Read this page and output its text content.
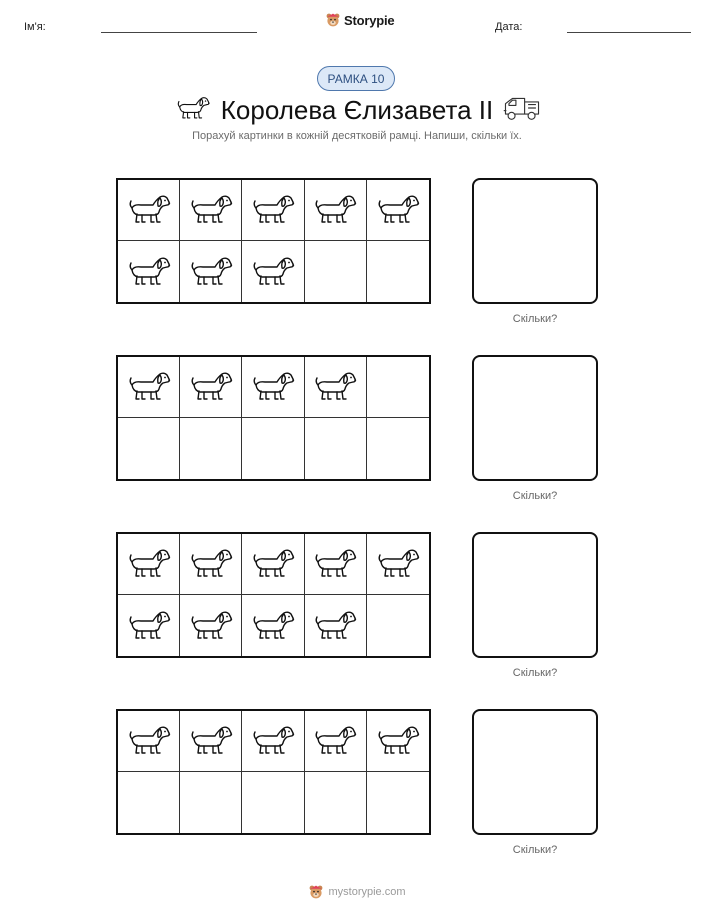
Ім'я:	Storypie	Дата:
РАМКА 10
Королева Єлизавета II
Порахуй картинки в кожній десятковій рамці. Напиши, скільки їх.
Скільки?
Скільки?
Скільки?
Скільки?
mystorypie.com
